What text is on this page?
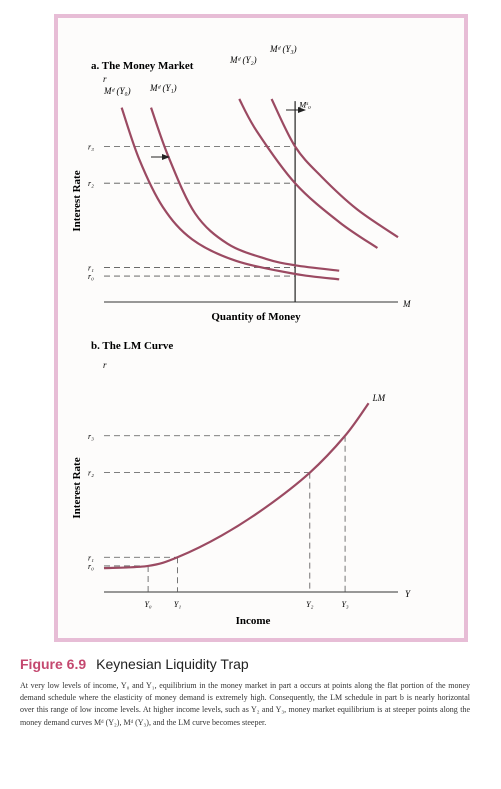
a. The Money Market
r
Interest Rate
Quantity of Money
M
r₀
r₁
r₂
r₃
Mˢ₀
Mᵈ (Y₀) Mᵈ (Y₁)
Mᵈ (Y₂)
Mᵈ (Y₃)
b. The LM Curve
r
Interest Rate
Income
Y
r₀
r₁
r₂
r₃
Y₀	Y₁	Y₂	Y₃
LM
Figure 6.9 Keynesian Liquidity Trap
At very low levels of income, Y₀ and Y₁, equilibrium in the money market in part a occurs at points along the flat portion of the money demand schedule where the elasticity of money demand is extremely high. Consequently, the LM schedule in part b is nearly horizontal over this range of low income levels. At higher income levels, such as Y₂ and Y₃, money market equilibrium is at steeper points along the money demand curves Mᵈ (Y₂), Mᵈ (Y₃), and the LM curve becomes steeper.
